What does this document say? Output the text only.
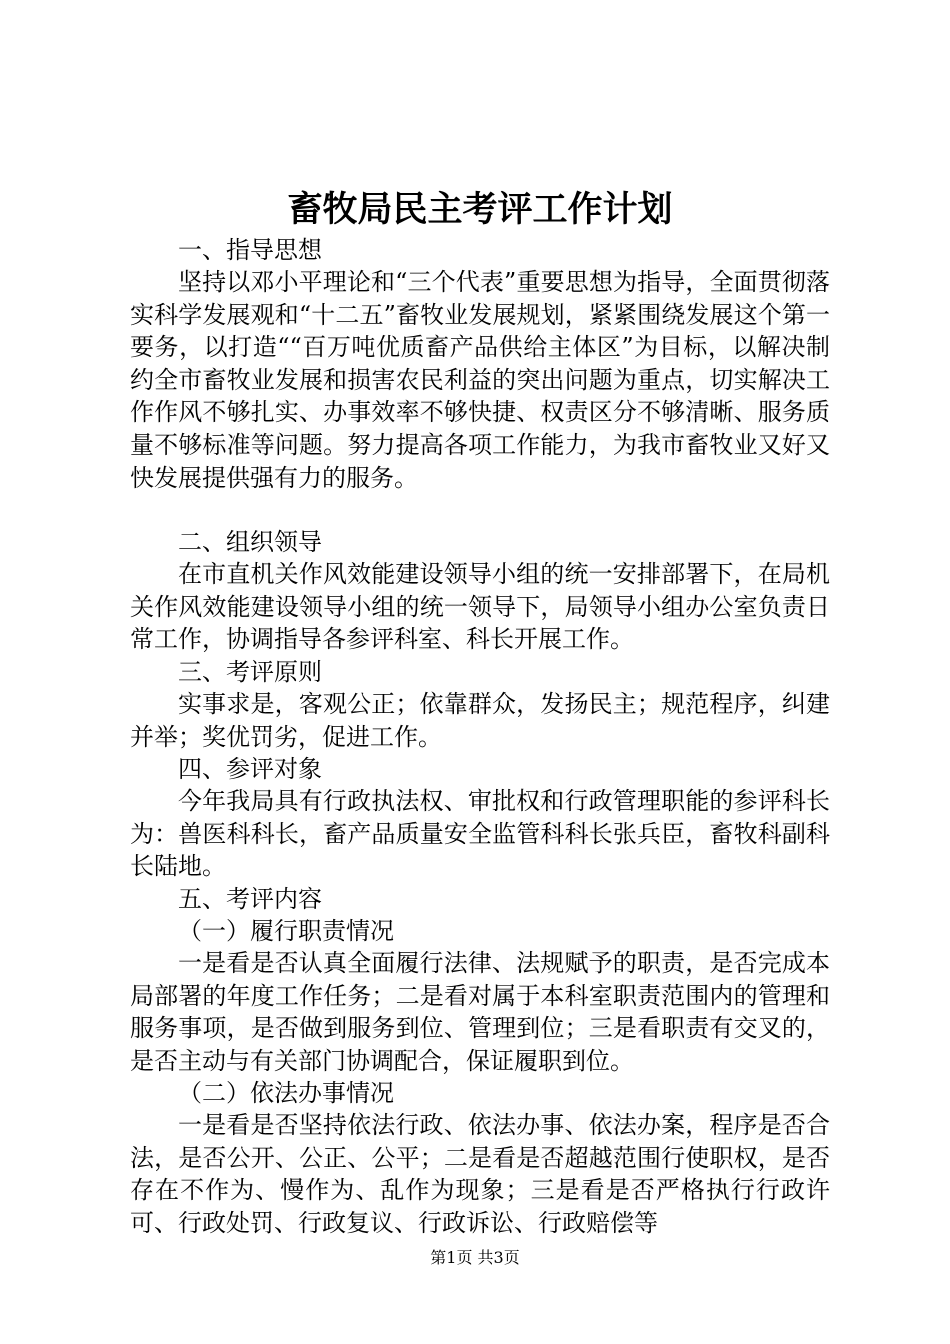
畜牧局民主考评工作计划

一、指导思想

坚持以邓小平理论和“三个代表”重要思想为指导，全面贯彻落实科学发展观和“十二五”畜牧业发展规划，紧紧围绕发展这个第一要务，以打造““百万吨优质畜产品供给主体区”为目标，以解决制约全市畜牧业发展和损害农民利益的突出问题为重点，切实解决工作作风不够扎实、办事效率不够快捷、权责区分不够清晰、服务质量不够标准等问题。努力提高各项工作能力，为我市畜牧业又好又快发展提供强有力的服务。

二、组织领导

在市直机关作风效能建设领导小组的统一安排部署下，在局机关作风效能建设领导小组的统一领导下，局领导小组办公室负责日常工作，协调指导各参评科室、科长开展工作。

三、考评原则

实事求是，客观公正；依靠群众，发扬民主；规范程序，纠建并举；奖优罚劣，促进工作。

四、参评对象

今年我局具有行政执法权、审批权和行政管理职能的参评科长为：兽医科科长，畜产品质量安全监管科科长张兵臣，畜牧科副科长陆地。

五、考评内容

（一）履行职责情况

一是看是否认真全面履行法律、法规赋予的职责，是否完成本局部署的年度工作任务；二是看对属于本科室职责范围内的管理和服务事项，是否做到服务到位、管理到位；三是看职责有交叉的，是否主动与有关部门协调配合，保证履职到位。

（二）依法办事情况

一是看是否坚持依法行政、依法办事、依法办案，程序是否合法，是否公开、公正、公平；二是看是否超越范围行使职权，是否存在不作为、慢作为、乱作为现象；三是看是否严格执行行政许可、行政处罚、行政复议、行政诉讼、行政赔偿等

第1页 共3页
